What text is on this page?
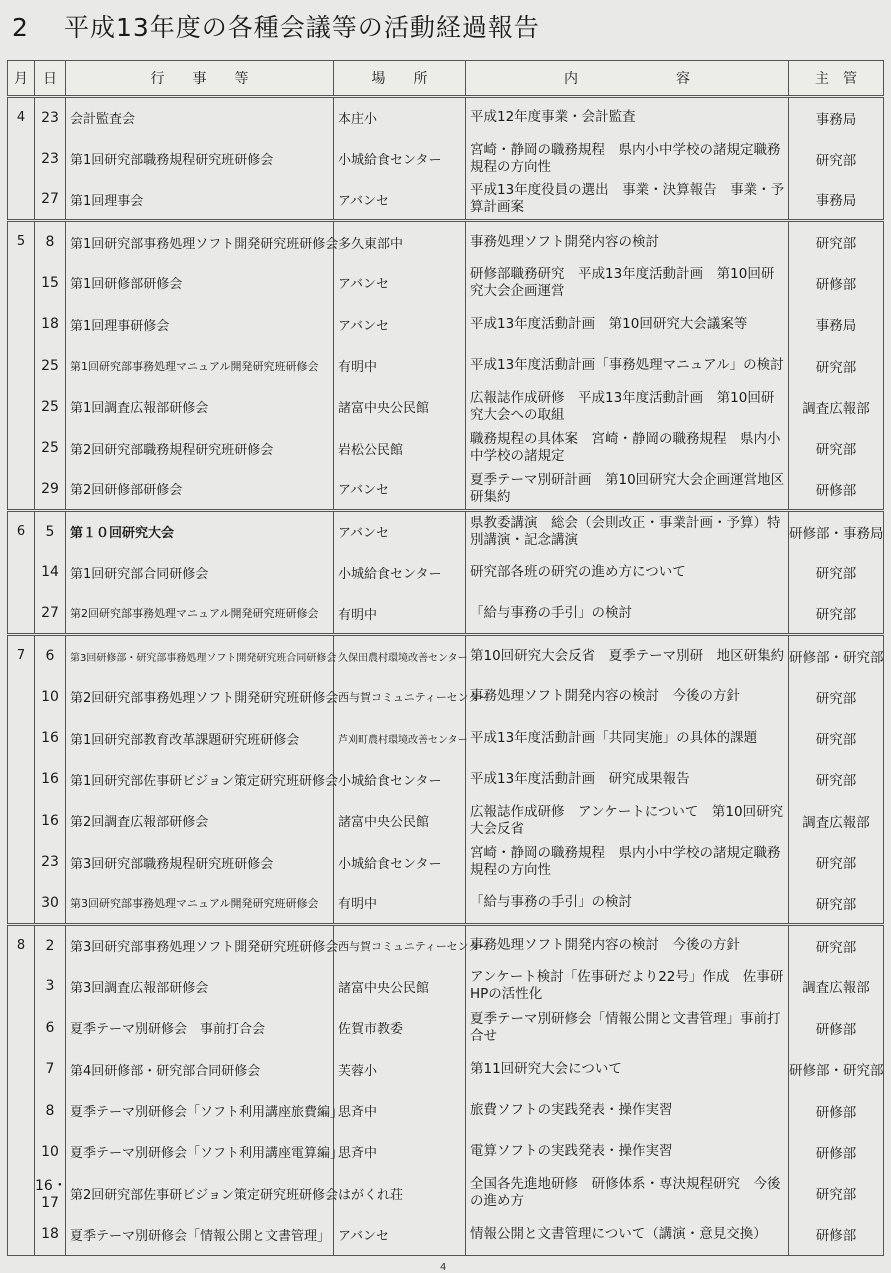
2 平成13年度の各種会議等の活動経過報告
月	日	行　　事　　等	場　　所	内　　　　　　　容	主　管
4	23	会計監査会	本庄小	平成12年度事業・会計監査	事務局
	23	第1回研究部職務規程研究班研修会	小城給食センター	宮崎・静岡の職務規程　県内小中学校の諸規定職務規程の方向性	研究部
	27	第1回理事会	アバンセ	平成13年度役員の選出　事業・決算報告　事業・予算計画案	事務局
5	8	第1回研究部事務処理ソフト開発研究班研修会	多久東部中	事務処理ソフト開発内容の検討	研究部
	15	第1回研修部研修会	アバンセ	研修部職務研究　平成13年度活動計画　第10回研究大会企画運営	研修部
	18	第1回理事研修会	アバンセ	平成13年度活動計画　第10回研究大会議案等	事務局
	25	第1回研究部事務処理マニュアル開発研究班研修会	有明中	平成13年度活動計画「事務処理マニュアル」の検討	研究部
	25	第1回調査広報部研修会	諸富中央公民館	広報誌作成研修　平成13年度活動計画　第10回研究大会への取組	調査広報部
	25	第2回研究部職務規程研究班研修会	岩松公民館	職務規程の具体案　宮崎・静岡の職務規程　県内小中学校の諸規定	研究部
	29	第2回研修部研修会	アバンセ	夏季テーマ別研計画　第10回研究大会企画運営地区研集約	研修部
6	5	第１０回研究大会	アバンセ	県教委講演　総会（会則改正・事業計画・予算）特別講演・記念講演	研修部・事務局
	14	第1回研究部合同研修会	小城給食センター	研究部各班の研究の進め方について	研究部
	27	第2回研究部事務処理マニュアル開発研究班研修会	有明中	「給与事務の手引」の検討	研究部
7	6	第3回研修部・研究部事務処理ソフト開発研究班合同研修会	久保田農村環境改善センター	第10回研究大会反省　夏季テーマ別研　地区研集約	研修部・研究部
	10	第2回研究部事務処理ソフト開発研究班研修会	西与賀コミュニティーセンター	事務処理ソフト開発内容の検討　今後の方針	研究部
	16	第1回研究部教育改革課題研究班研修会	芦刈町農村環境改善センター	平成13年度活動計画「共同実施」の具体的課題	研究部
	16	第1回研究部佐事研ビジョン策定研究班研修会	小城給食センター	平成13年度活動計画　研究成果報告	研究部
	16	第2回調査広報部研修会	諸富中央公民館	広報誌作成研修　アンケートについて　第10回研究大会反省	調査広報部
	23	第3回研究部職務規程研究班研修会	小城給食センター	宮崎・静岡の職務規程　県内小中学校の諸規定職務規程の方向性	研究部
	30	第3回研究部事務処理マニュアル開発研究班研修会	有明中	「給与事務の手引」の検討	研究部
8	2	第3回研究部事務処理ソフト開発研究班研修会	西与賀コミュニティーセンター	事務処理ソフト開発内容の検討　今後の方針	研究部
	3	第3回調査広報部研修会	諸富中央公民館	アンケート検討「佐事研だより22号」作成　佐事研HPの活性化	調査広報部
	6	夏季テーマ別研修会　事前打合会	佐賀市教委	夏季テーマ別研修会「情報公開と文書管理」事前打合せ	研修部
	7	第4回研修部・研究部合同研修会	芙蓉小	第11回研究大会について	研修部・研究部
	8	夏季テーマ別研修会「ソフト利用講座旅費編」	思斉中	旅費ソフトの実践発表・操作実習	研修部
	10	夏季テーマ別研修会「ソフト利用講座電算編」	思斉中	電算ソフトの実践発表・操作実習	研修部
	16・17	第2回研究部佐事研ビジョン策定研究班研修会	はがくれ荘	全国各先進地研修　研修体系・専決規程研究　今後の進め方	研究部
	18	夏季テーマ別研修会「情報公開と文書管理」	アバンセ	情報公開と文書管理について（講演・意見交換）	研修部
4
